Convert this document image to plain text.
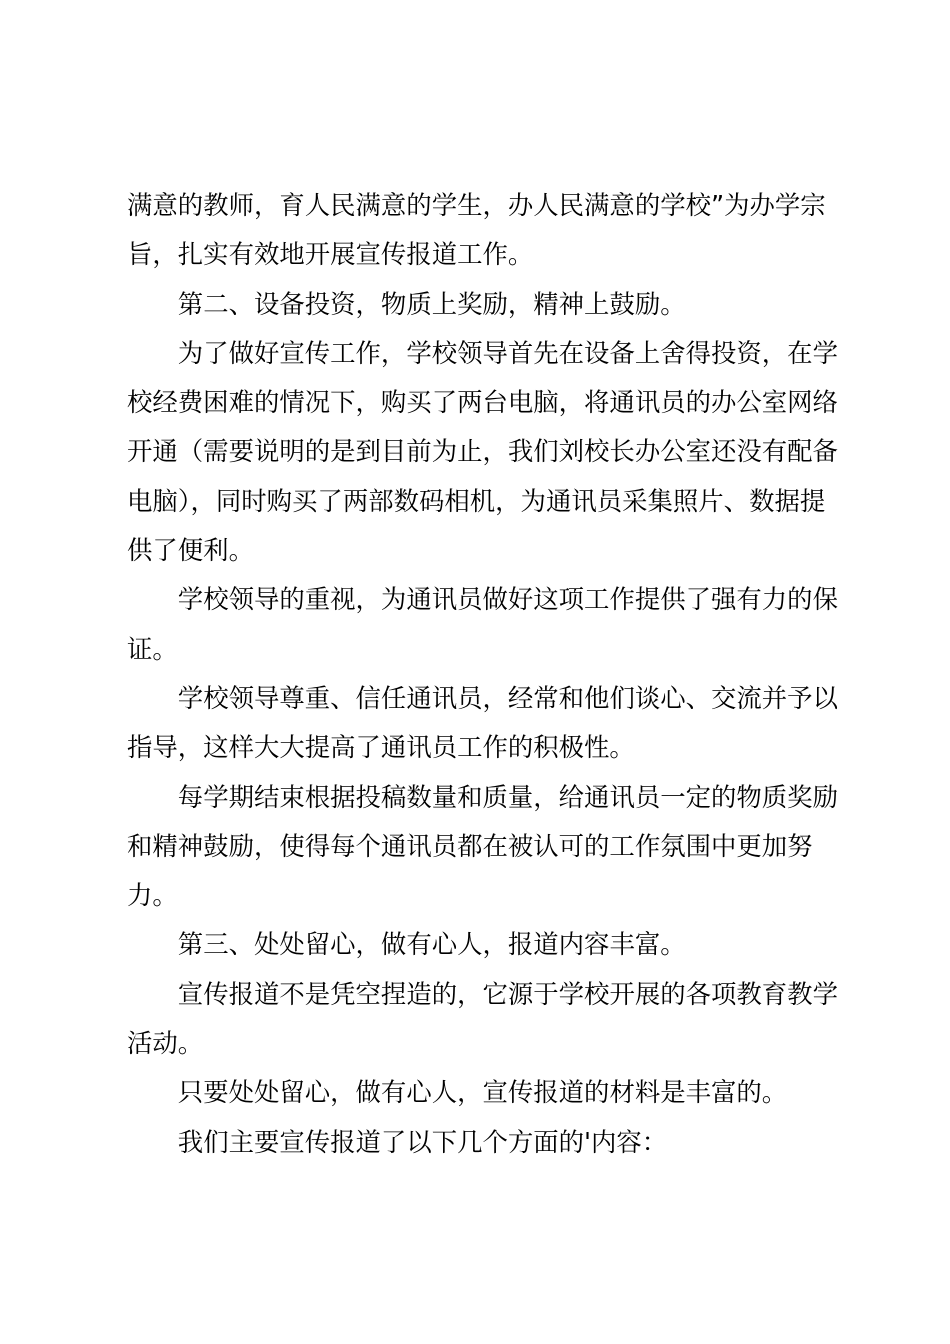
满意的教师，育人民满意的学生，办人民满意的学校”为办学宗旨，扎实有效地开展宣传报道工作。

第二、设备投资，物质上奖励，精神上鼓励。

为了做好宣传工作，学校领导首先在设备上舍得投资，在学校经费困难的情况下，购买了两台电脑，将通讯员的办公室网络开通（需要说明的是到目前为止，我们刘校长办公室还没有配备电脑），同时购买了两部数码相机，为通讯员采集照片、数据提供了便利。

学校领导的重视，为通讯员做好这项工作提供了强有力的保证。

学校领导尊重、信任通讯员，经常和他们谈心、交流并予以指导，这样大大提高了通讯员工作的积极性。

每学期结束根据投稿数量和质量，给通讯员一定的物质奖励和精神鼓励，使得每个通讯员都在被认可的工作氛围中更加努力。

第三、处处留心，做有心人，报道内容丰富。

宣传报道不是凭空捏造的，它源于学校开展的各项教育教学活动。

只要处处留心，做有心人，宣传报道的材料是丰富的。

我们主要宣传报道了以下几个方面的'内容：
